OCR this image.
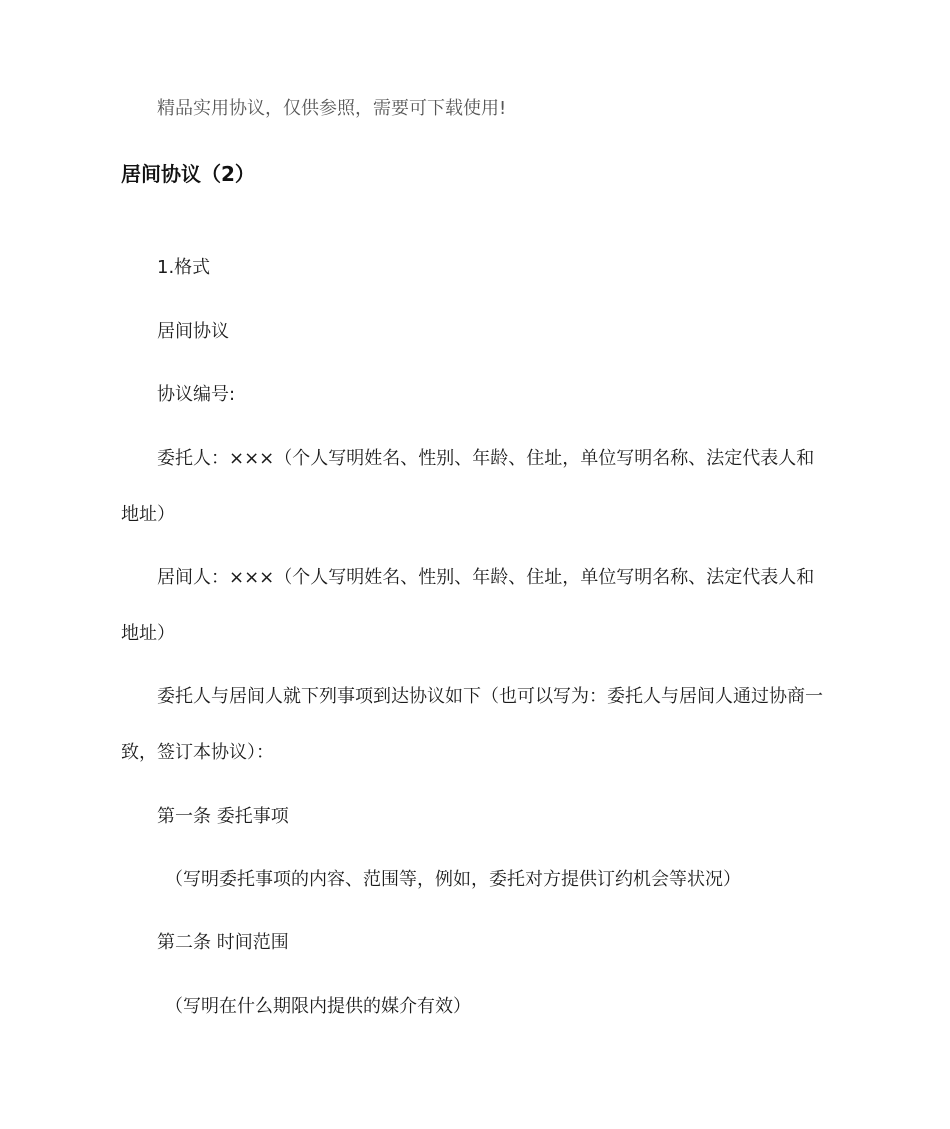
精品实用协议，仅供参照，需要可下载使用!
居间协议（2）
1.格式
居间协议
协议编号:
委托人：×××（个人写明姓名、性别、年龄、住址，单位写明名称、法定代表人和
地址）
居间人：×××（个人写明姓名、性别、年龄、住址，单位写明名称、法定代表人和
地址）
委托人与居间人就下列事项到达协议如下（也可以写为：委托人与居间人通过协商一
致，签订本协议）：
第一条 委托事项
（写明委托事项的内容、范围等，例如，委托对方提供订约机会等状况）
第二条 时间范围
（写明在什么期限内提供的媒介有效）
